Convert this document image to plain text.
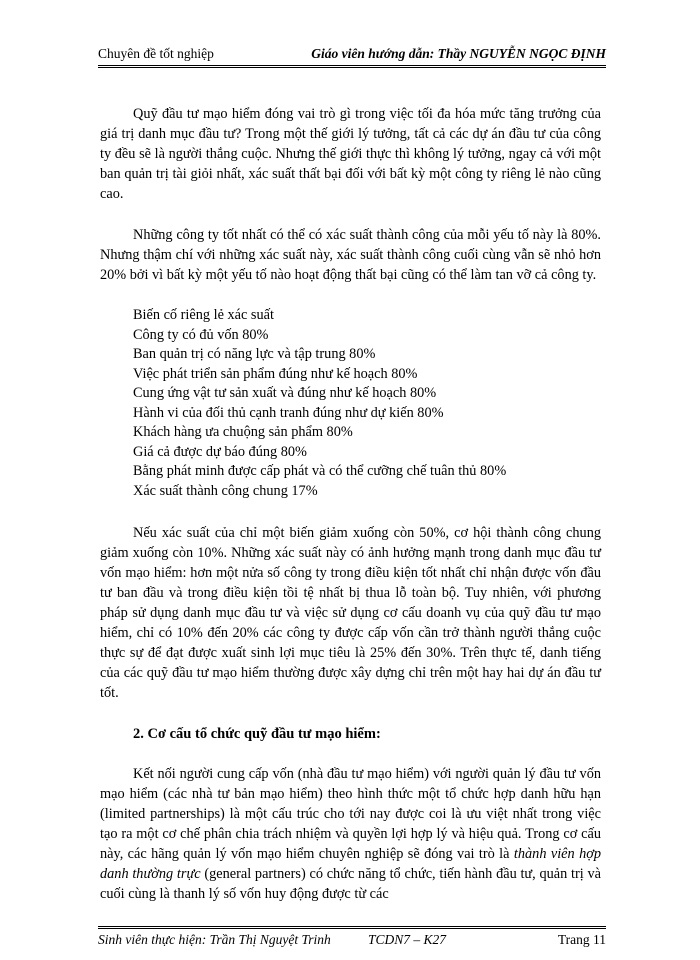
Chuyên đề tốt nghiệp	Giáo viên hướng dẫn: Thầy NGUYỄN NGỌC ĐỊNH

Quỹ đầu tư mạo hiểm đóng vai trò gì trong việc tối đa hóa mức tăng trưởng của giá trị danh mục đầu tư? Trong một thế giới lý tưởng, tất cả các dự án đầu tư của công ty đều sẽ là người thắng cuộc. Nhưng thế giới thực thì không lý tưởng, ngay cả với một ban quản trị tài giỏi nhất, xác suất thất bại đối với bất kỳ một công ty riêng lẻ nào cũng cao.

Những công ty tốt nhất có thể có xác suất thành công của mỗi yếu tố này là 80%. Nhưng thậm chí với những xác suất này, xác suất thành công cuối cùng vẫn sẽ nhỏ hơn 20% bởi vì bất kỳ một yếu tố nào hoạt động thất bại cũng có thể làm tan vỡ cả công ty.

Biến cố riêng lẻ xác suất
Công ty có đủ vốn 80%
Ban quản trị có năng lực và tập trung 80%
Việc phát triển sản phẩm đúng như kế hoạch 80%
Cung ứng vật tư sản xuất và đúng như kế hoạch 80%
Hành vi của đối thủ cạnh tranh đúng như dự kiến 80%
Khách hàng ưa chuộng sản phẩm 80%
Giá cả được dự báo đúng 80%
Bằng phát minh được cấp phát và có thể cưỡng chế tuân thủ 80%
Xác suất thành công chung 17%

Nếu xác suất của chỉ một biến giảm xuống còn 50%, cơ hội thành công chung giảm xuống còn 10%. Những xác suất này có ảnh hưởng mạnh trong danh mục đầu tư vốn mạo hiểm: hơn một nửa số công ty trong điều kiện tốt nhất chỉ nhận được vốn đầu tư ban đầu và trong điều kiện tồi tệ nhất bị thua lỗ toàn bộ. Tuy nhiên, với phương pháp sử dụng danh mục đầu tư và việc sử dụng cơ cấu doanh vụ của quỹ đầu tư mạo hiểm, chỉ có 10% đến 20% các công ty được cấp vốn cần trở thành người thắng cuộc thực sự để đạt được xuất sinh lợi mục tiêu là 25% đến 30%. Trên thực tế, danh tiếng của các quỹ đầu tư mạo hiểm thường được xây dựng chỉ trên một hay hai dự án đầu tư tốt.

2. Cơ cấu tổ chức quỹ đầu tư mạo hiểm:

Kết nối người cung cấp vốn (nhà đầu tư mạo hiểm) với người quản lý đầu tư vốn mạo hiểm (các nhà tư bản mạo hiểm) theo hình thức một tổ chức hợp danh hữu hạn (limited partnerships) là một cấu trúc cho tới nay được coi là ưu việt nhất trong việc tạo ra một cơ chế phân chia trách nhiệm và quyền lợi hợp lý và hiệu quả. Trong cơ cấu này, các hãng quản lý vốn mạo hiểm chuyên nghiệp sẽ đóng vai trò là thành viên hợp danh thường trực (general partners) có chức năng tổ chức, tiến hành đầu tư, quản trị và cuối cùng là thanh lý số vốn huy động được từ các

Sinh viên thực hiện: Trần Thị Nguyệt Trinh	TCDN7 – K27	Trang 11
